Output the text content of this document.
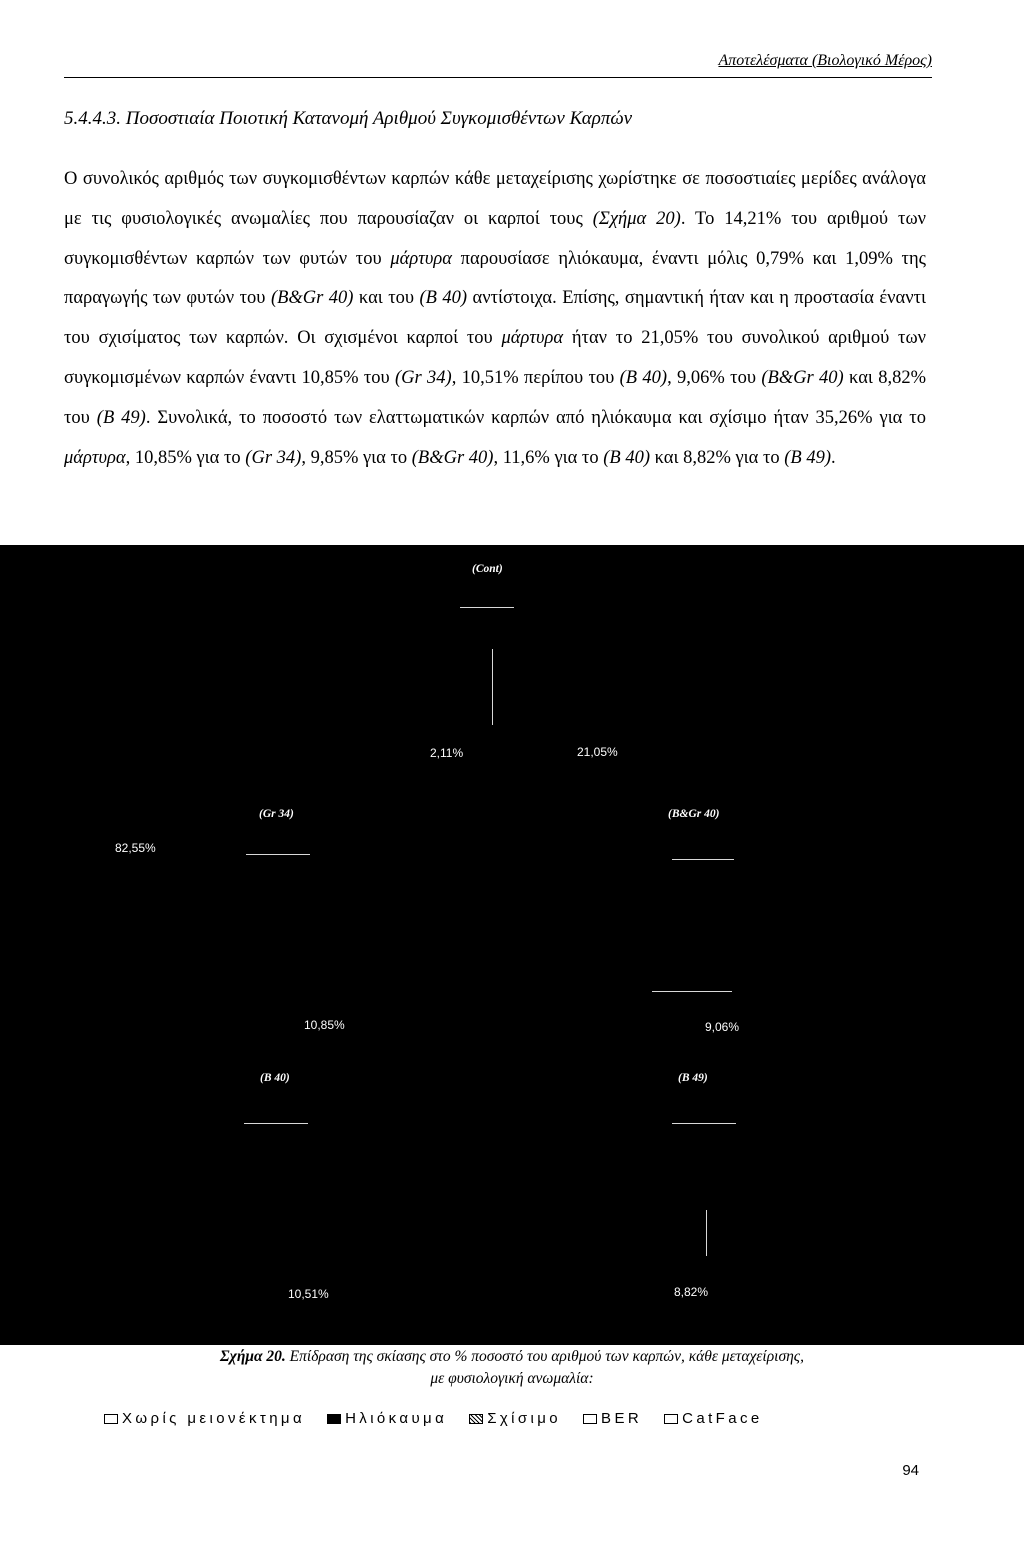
Αποτελέσματα (Βιολογικό Μέρος)
5.4.4.3. Ποσοστιαία Ποιοτική Κατανομή Αριθμού Συγκομισθέντων Καρπών

Ο συνολικός αριθμός των συγκομισθέντων καρπών κάθε μεταχείρισης χωρίστηκε σε ποσοστιαίες μερίδες ανάλογα με τις φυσιολογικές ανωμαλίες που παρουσίαζαν οι καρποί τους (Σχήμα 20). Το 14,21% του αριθμού των συγκομισθέντων καρπών των φυτών του μάρτυρα παρουσίασε ηλιόκαυμα, έναντι μόλις 0,79% και 1,09% της παραγωγής των φυτών του (B&Gr 40) και του (B 40) αντίστοιχα. Επίσης, σημαντική ήταν και η προστασία έναντι του σχισίματος των καρπών. Οι σχισμένοι καρποί του μάρτυρα ήταν το 21,05% του συνολικού αριθμού των συγκομισμένων καρπών έναντι 10,85% του (Gr 34), 10,51% περίπου του (B 40), 9,06% του (B&Gr 40) και 8,82% του (B 49). Συνολικά, το ποσοστό των ελαττωματικών καρπών από ηλιόκαυμα και σχίσιμο ήταν 35,26% για το μάρτυρα, 10,85% για το (Gr 34), 9,85% για το (B&Gr 40), 11,6% για το (B 40) και 8,82% για το (B 49).

(Cont)
2,11%	21,05%
82,55%
(Gr 34)
10,85%
(B&Gr 40)
9,06%
(B 40)
10,51%
(B 49)
8,82%
Σχήμα 20. Επίδραση της σκίασης στο % ποσοστό του αριθμού των καρπών, κάθε μεταχείρισης,
με φυσιολογική ανωμαλία:
Χωρίς μειονέκτημα	Ηλιόκαυμα	Σχίσιμο	BER	CatFace
94
